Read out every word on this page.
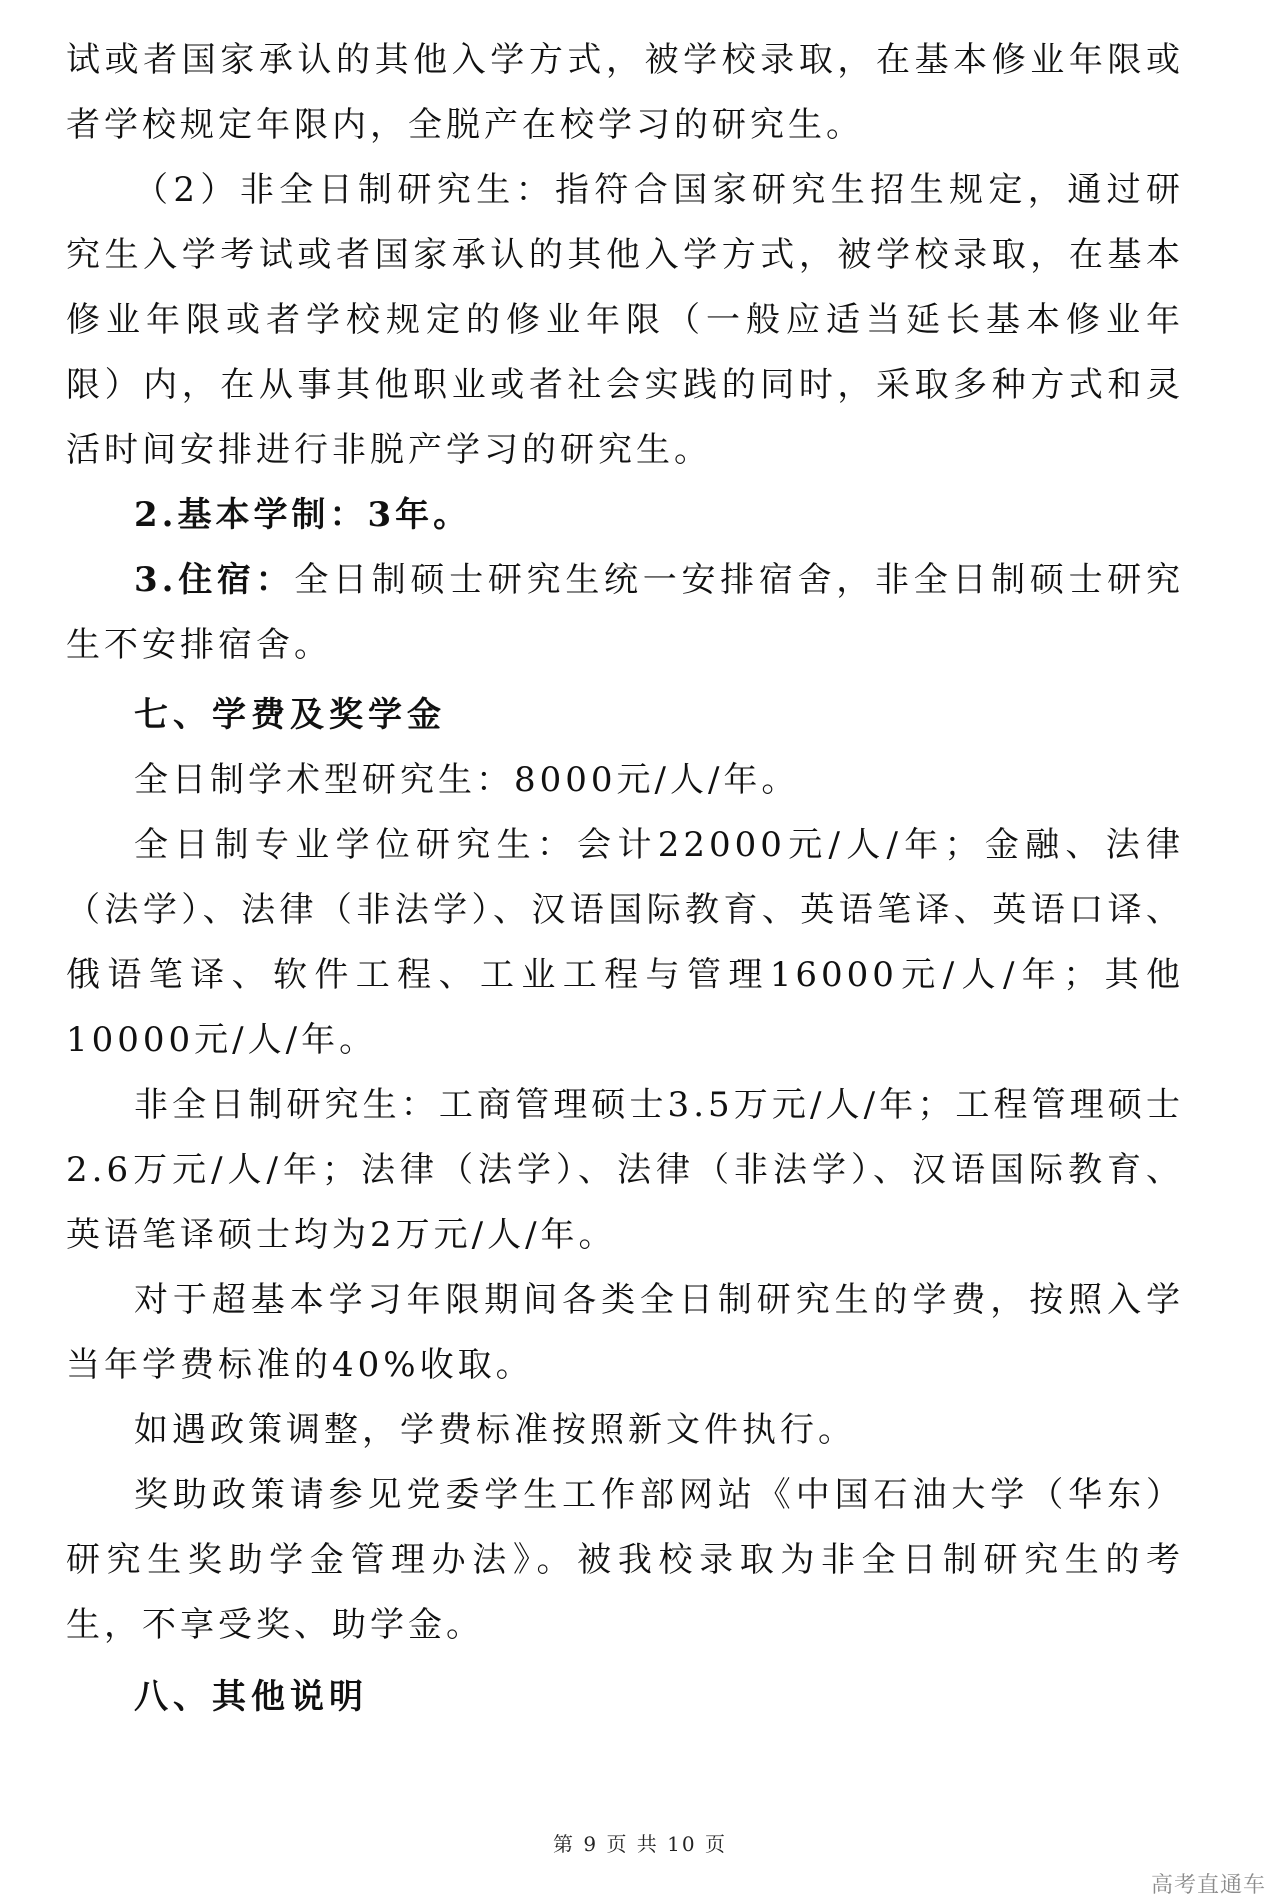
试或者国家承认的其他入学方式，被学校录取，在基本修业年限或者学校规定年限内，全脱产在校学习的研究生。

（2）非全日制研究生：指符合国家研究生招生规定，通过研究生入学考试或者国家承认的其他入学方式，被学校录取，在基本修业年限或者学校规定的修业年限（一般应适当延长基本修业年限）内，在从事其他职业或者社会实践的同时，采取多种方式和灵活时间安排进行非脱产学习的研究生。

2.基本学制：3年。

3.住宿：全日制硕士研究生统一安排宿舍，非全日制硕士研究生不安排宿舍。

七、学费及奖学金

全日制学术型研究生：8000元/人/年。

全日制专业学位研究生：会计22000元/人/年；金融、法律（法学）、法律（非法学）、汉语国际教育、英语笔译、英语口译、俄语笔译、软件工程、工业工程与管理16000元/人/年；其他10000元/人/年。

非全日制研究生：工商管理硕士3.5万元/人/年；工程管理硕士2.6万元/人/年；法律（法学）、法律（非法学）、汉语国际教育、英语笔译硕士均为2万元/人/年。

对于超基本学习年限期间各类全日制研究生的学费，按照入学当年学费标准的40%收取。

如遇政策调整，学费标准按照新文件执行。

奖助政策请参见党委学生工作部网站《中国石油大学（华东）研究生奖助学金管理办法》。被我校录取为非全日制研究生的考生，不享受奖、助学金。

八、其他说明
第 9 页 共 10 页
高考直通车
